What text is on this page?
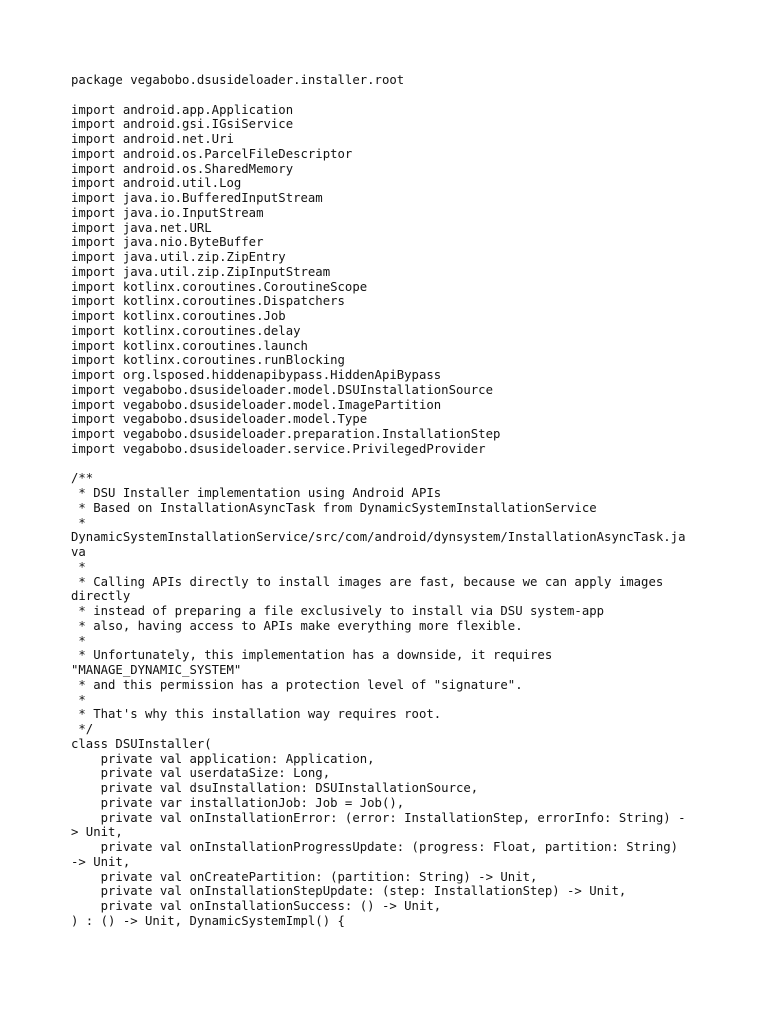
package vegabobo.dsusideloader.installer.root
import android.app.Application
import android.gsi.IGsiService
import android.net.Uri
import android.os.ParcelFileDescriptor
import android.os.SharedMemory
import android.util.Log
import java.io.BufferedInputStream
import java.io.InputStream
import java.net.URL
import java.nio.ByteBuffer
import java.util.zip.ZipEntry
import java.util.zip.ZipInputStream
import kotlinx.coroutines.CoroutineScope
import kotlinx.coroutines.Dispatchers
import kotlinx.coroutines.Job
import kotlinx.coroutines.delay
import kotlinx.coroutines.launch
import kotlinx.coroutines.runBlocking
import org.lsposed.hiddenapibypass.HiddenApiBypass
import vegabobo.dsusideloader.model.DSUInstallationSource
import vegabobo.dsusideloader.model.ImagePartition
import vegabobo.dsusideloader.model.Type
import vegabobo.dsusideloader.preparation.InstallationStep
import vegabobo.dsusideloader.service.PrivilegedProvider
/**
* DSU Installer implementation using Android APIs
* Based on InstallationAsyncTask from DynamicSystemInstallationService
*
DynamicSystemInstallationService/src/com/android/dynsystem/InstallationAsyncTask.ja
va
*
* Calling APIs directly to install images are fast, because we can apply images
directly
* instead of preparing a file exclusively to install via DSU system-app
* also, having access to APIs make everything more flexible.
*
* Unfortunately, this implementation has a downside, it requires
"MANAGE_DYNAMIC_SYSTEM"
* and this permission has a protection level of "signature".
*
* That's why this installation way requires root.
*/
class DSUInstaller(
private val application: Application,
private val userdataSize: Long,
private val dsuInstallation: DSUInstallationSource,
private var installationJob: Job = Job(),
private val onInstallationError: (error: InstallationStep, errorInfo: String) -
> Unit,
private val onInstallationProgressUpdate: (progress: Float, partition: String)
-> Unit,
private val onCreatePartition: (partition: String) -> Unit,
private val onInstallationStepUpdate: (step: InstallationStep) -> Unit,
private val onInstallationSuccess: () -> Unit,
) : () -> Unit, DynamicSystemImpl() {
